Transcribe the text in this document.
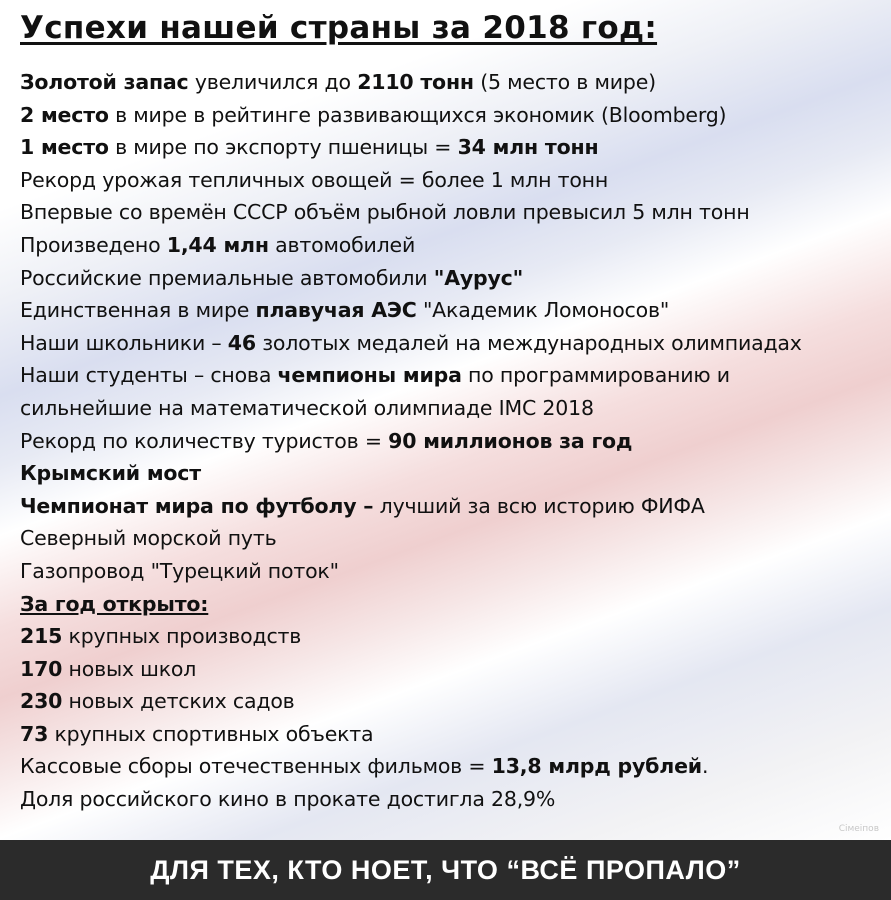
Успехи нашей страны за 2018 год:
Золотой запас увеличился до 2110 тонн (5 место в мире)
2 место в мире в рейтинге развивающихся экономик (Bloomberg)
1 место в мире по экспорту пшеницы = 34 млн тонн
Рекорд урожая тепличных овощей = более 1 млн тонн
Впервые со времён СССР объём рыбной ловли превысил 5 млн тонн
Произведено 1,44 млн автомобилей
Российские премиальные автомобили "Аурус"
Единственная в мире плавучая АЭС "Академик Ломоносов"
Наши школьники – 46 золотых медалей на международных олимпиадах
Наши студенты – снова чемпионы мира по программированию и
сильнейшие на математической олимпиаде IMC 2018
Рекорд по количеству туристов = 90 миллионов за год
Крымский мост
Чемпионат мира по футболу – лучший за всю историю ФИФА
Северный морской путь
Газопровод "Турецкий поток"
За год открыто:
215 крупных производств
170 новых школ
230 новых детских садов
73 крупных спортивных объекта
Кассовые сборы отечественных фильмов = 13,8 млрд рублей.
Доля российского кино в прокате достигла 28,9%
Сімеіпов
ДЛЯ ТЕХ, КТО НОЕТ, ЧТО “ВСЁ ПРОПАЛО”
